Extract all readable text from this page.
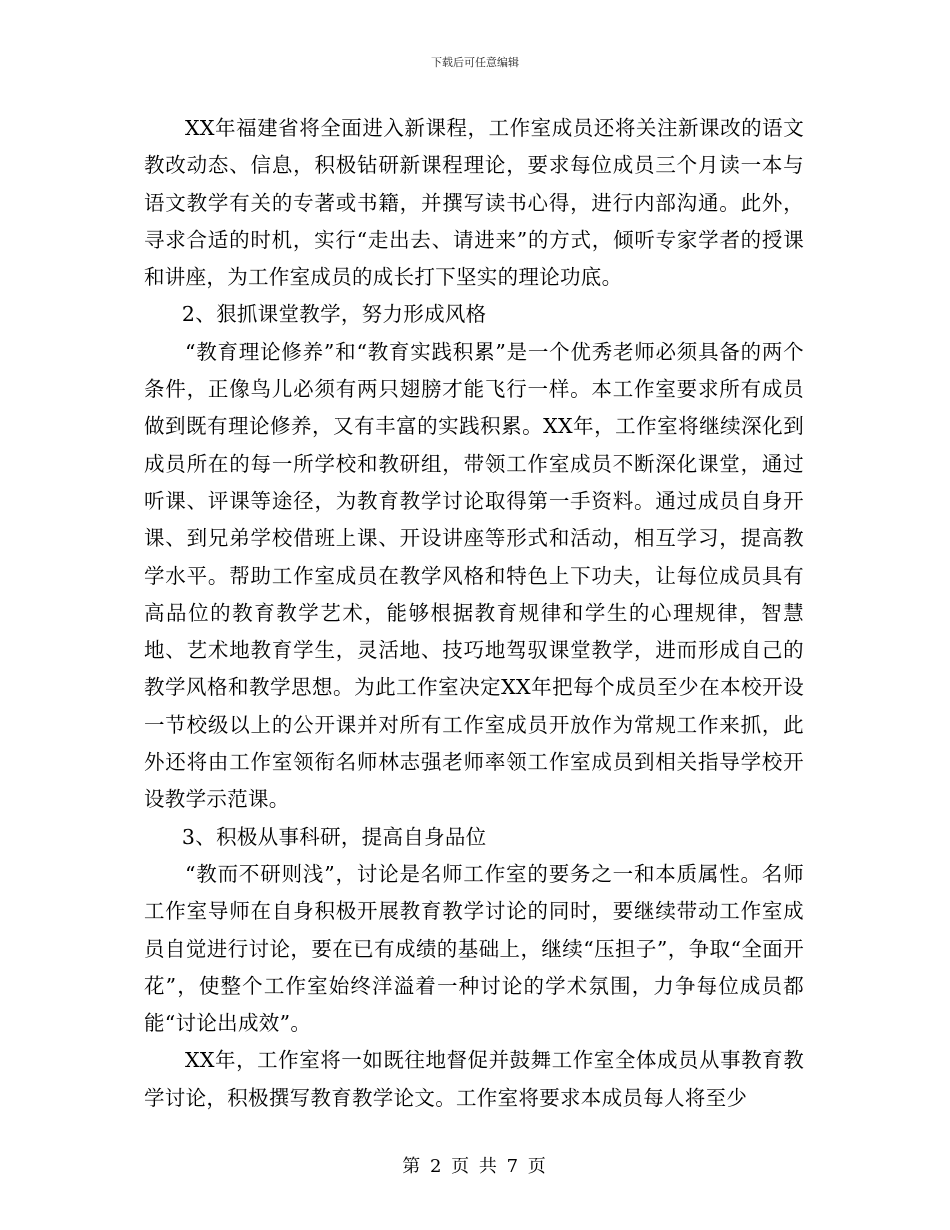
下载后可任意编辑

XX年福建省将全面进入新课程，工作室成员还将关注新课改的语文教改动态、信息，积极钻研新课程理论，要求每位成员三个月读一本与语文教学有关的专著或书籍，并撰写读书心得，进行内部沟通。此外，寻求合适的时机，实行“走出去、请进来”的方式，倾听专家学者的授课和讲座，为工作室成员的成长打下坚实的理论功底。

2、狠抓课堂教学，努力形成风格

“教育理论修养”和“教育实践积累”是一个优秀老师必须具备的两个条件，正像鸟儿必须有两只翅膀才能飞行一样。本工作室要求所有成员做到既有理论修养，又有丰富的实践积累。XX年，工作室将继续深化到成员所在的每一所学校和教研组，带领工作室成员不断深化课堂，通过听课、评课等途径，为教育教学讨论取得第一手资料。通过成员自身开课、到兄弟学校借班上课、开设讲座等形式和活动，相互学习，提高教学水平。帮助工作室成员在教学风格和特色上下功夫，让每位成员具有高品位的教育教学艺术，能够根据教育规律和学生的心理规律，智慧地、艺术地教育学生，灵活地、技巧地驾驭课堂教学，进而形成自己的教学风格和教学思想。为此工作室决定XX年把每个成员至少在本校开设一节校级以上的公开课并对所有工作室成员开放作为常规工作来抓，此外还将由工作室领衔名师林志强老师率领工作室成员到相关指导学校开设教学示范课。

3、积极从事科研，提高自身品位

“教而不研则浅”，讨论是名师工作室的要务之一和本质属性。名师工作室导师在自身积极开展教育教学讨论的同时，要继续带动工作室成员自觉进行讨论，要在已有成绩的基础上，继续“压担子”，争取“全面开花”，使整个工作室始终洋溢着一种讨论的学术氛围，力争每位成员都能“讨论出成效”。

XX年，工作室将一如既往地督促并鼓舞工作室全体成员从事教育教学讨论，积极撰写教育教学论文。工作室将要求本成员每人将至少

第 2 页 共 7 页
